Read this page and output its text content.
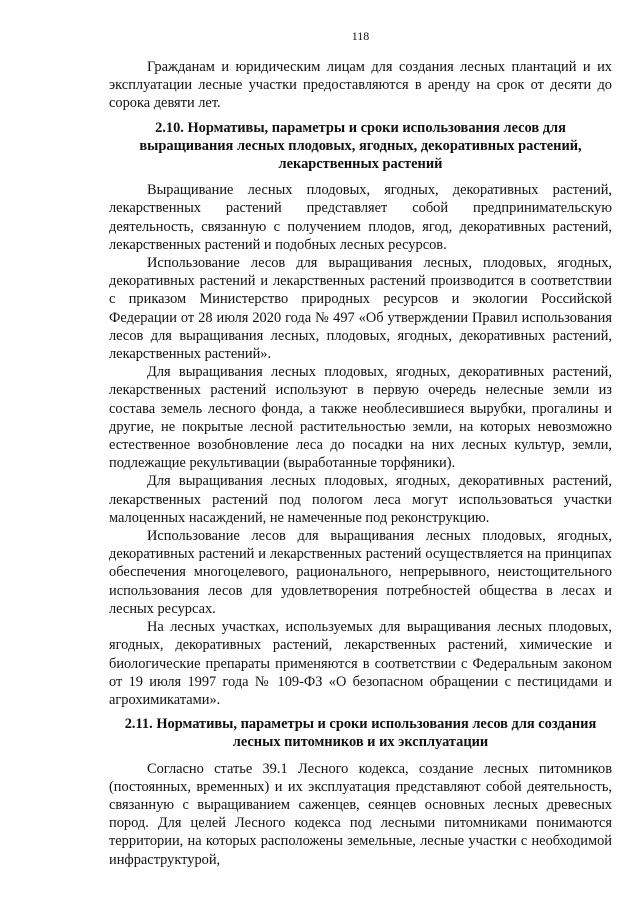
118

Гражданам и юридическим лицам для создания лесных плантаций и их эксплуатации лесные участки предоставляются в аренду на срок от десяти до сорока девяти лет.

2.10. Нормативы, параметры и сроки использования лесов для выращивания лесных плодовых, ягодных, декоративных растений, лекарственных растений

Выращивание лесных плодовых, ягодных, декоративных растений, лекарственных растений представляет собой предпринимательскую деятельность, связанную с получением плодов, ягод, декоративных растений, лекарственных растений и подобных лесных ресурсов.

Использование лесов для выращивания лесных, плодовых, ягодных, декоративных растений и лекарственных растений производится в соответствии с приказом Министерство природных ресурсов и экологии Российской Федерации от 28 июля 2020 года № 497 «Об утверждении Правил использования лесов для выращивания лесных, плодовых, ягодных, декоративных растений, лекарственных растений».

Для выращивания лесных плодовых, ягодных, декоративных растений, лекарственных растений используют в первую очередь нелесные земли из состава земель лесного фонда, а также необлесившиеся вырубки, прогалины и другие, не покрытые лесной растительностью земли, на которых невозможно естественное возобновление леса до посадки на них лесных культур, земли, подлежащие рекультивации (выработанные торфяники).

Для выращивания лесных плодовых, ягодных, декоративных растений, лекарственных растений под пологом леса могут использоваться участки малоценных насаждений, не намеченные под реконструкцию.

Использование лесов для выращивания лесных плодовых, ягодных, декоративных растений и лекарственных растений осуществляется на принципах обеспечения многоцелевого, рационального, непрерывного, неистощительного использования лесов для удовлетворения потребностей общества в лесах и лесных ресурсах.

На лесных участках, используемых для выращивания лесных плодовых, ягодных, декоративных растений, лекарственных растений, химические и биологические препараты применяются в соответствии с Федеральным законом от 19 июля 1997 года № 109-ФЗ «О безопасном обращении с пестицидами и агрохимикатами».

2.11. Нормативы, параметры и сроки использования лесов для создания лесных питомников и их эксплуатации

Согласно статье 39.1 Лесного кодекса, создание лесных питомников (постоянных, временных) и их эксплуатация представляют собой деятельность, связанную с выращиванием саженцев, сеянцев основных лесных древесных пород. Для целей Лесного кодекса под лесными питомниками понимаются территории, на которых расположены земельные, лесные участки с необходимой инфраструктурой,
